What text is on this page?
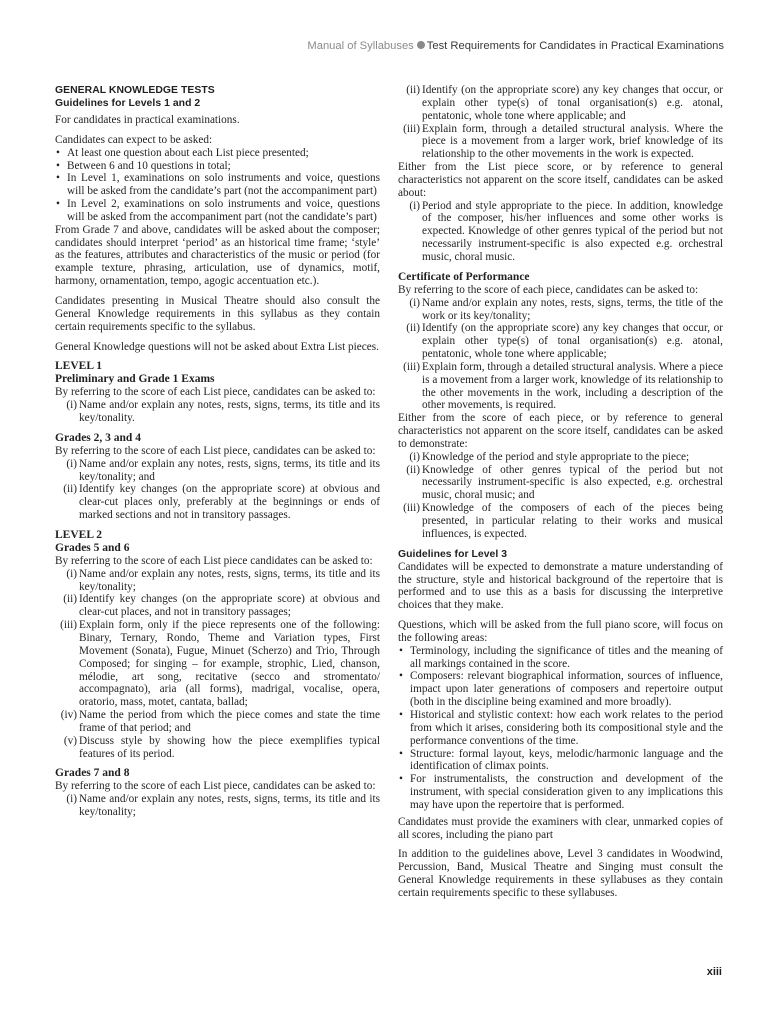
Manual of Syllabuses Test Requirements for Candidates in Practical Examinations
GENERAL KNOWLEDGE TESTS
Guidelines for Levels 1 and 2

For candidates in practical examinations.

Candidates can expect to be asked:

• At least one question about each List piece presented;
• Between 6 and 10 questions in total;
• In Level 1, examinations on solo instruments and voice, questions will be asked from the candidate’s part (not the accompaniment part)
• In Level 2, examinations on solo instruments and voice, questions will be asked from the accompaniment part (not the candidate’s part)

From Grade 7 and above, candidates will be asked about the composer; candidates should interpret ‘period’ as an historical time frame; ‘style’ as the features, attributes and characteristics of the music or period (for example texture, phrasing, articulation, use of dynamics, motif, harmony, ornamentation, tempo, agogic accentuation etc.).

Candidates presenting in Musical Theatre should also consult the General Knowledge requirements in this syllabus as they contain certain requirements specific to the syllabus.

General Knowledge questions will not be asked about Extra List pieces.

LEVEL 1
Preliminary and Grade 1 Exams

By referring to the score of each List piece, candidates can be asked to:

(i) Name and/or explain any notes, rests, signs, terms, its title and its key/tonality.
Grades 2, 3 and 4

By referring to the score of each List piece, candidates can be asked to:

(i) Name and/or explain any notes, rests, signs, terms, its title and its key/tonality; and
(ii) Identify key changes (on the appropriate score) at obvious and clear-cut places only, preferably at the beginnings or ends of marked sections and not in transitory passages.
LEVEL 2
Grades 5 and 6

By referring to the score of each List piece candidates can be asked to:

(i) Name and/or explain any notes, rests, signs, terms, its title and its key/tonality;
(ii) Identify key changes (on the appropriate score) at obvious and clear-cut places, and not in transitory passages;
(iii) Explain form, only if the piece represents one of the following: Binary, Ternary, Rondo, Theme and Variation types, First Movement (Sonata), Fugue, Minuet (Scherzo) and Trio, Through Composed; for singing – for example, strophic, Lied, chanson, mélodie, art song, recitative (secco and stromentato/ accompagnato), aria (all forms), madrigal, vocalise, opera, oratorio, mass, motet, cantata, ballad;
(iv) Name the period from which the piece comes and state the time frame of that period; and
(v) Discuss style by showing how the piece exemplifies typical features of its period.
Grades 7 and 8

By referring to the score of each List piece, candidates can be asked to:

(i) Name and/or explain any notes, rests, signs, terms, its title and its key/tonality;
(ii) Identify (on the appropriate score) any key changes that occur, or explain other type(s) of tonal organisation(s) e.g. atonal, pentatonic, whole tone where applicable; and
(iii) Explain form, through a detailed structural analysis. Where the piece is a movement from a larger work, brief knowledge of its relationship to the other movements in the work is expected.

Either from the List piece score, or by reference to general characteristics not apparent on the score itself, candidates can be asked about:

(i) Period and style appropriate to the piece. In addition, knowledge of the composer, his/her influences and some other works is expected. Knowledge of other genres typical of the period but not necessarily instrument-specific is also expected e.g. orchestral music, choral music.
Certificate of Performance

By referring to the score of each piece, candidates can be asked to:

(i) Name and/or explain any notes, rests, signs, terms, the title of the work or its key/tonality;
(ii) Identify (on the appropriate score) any key changes that occur, or explain other type(s) of tonal organisation(s) e.g. atonal, pentatonic, whole tone where applicable;
(iii) Explain form, through a detailed structural analysis. Where a piece is a movement from a larger work, knowledge of its relationship to the other movements in the work, including a description of the other movements, is required.

Either from the score of each piece, or by reference to general characteristics not apparent on the score itself, candidates can be asked to demonstrate:

(i) Knowledge of the period and style appropriate to the piece;
(ii) Knowledge of other genres typical of the period but not necessarily instrument-specific is also expected, e.g. orchestral music, choral music; and
(iii) Knowledge of the composers of each of the pieces being presented, in particular relating to their works and musical influences, is expected.
Guidelines for Level 3

Candidates will be expected to demonstrate a mature understanding of the structure, style and historical background of the repertoire that is performed and to use this as a basis for discussing the interpretive choices that they make.

Questions, which will be asked from the full piano score, will focus on the following areas:

• Terminology, including the significance of titles and the meaning of all markings contained in the score.
• Composers: relevant biographical information, sources of influence, impact upon later generations of composers and repertoire output (both in the discipline being examined and more broadly).
• Historical and stylistic context: how each work relates to the period from which it arises, considering both its compositional style and the performance conventions of the time.
• Structure: formal layout, keys, melodic/harmonic language and the identification of climax points.
• For instrumentalists, the construction and development of the instrument, with special consideration given to any implications this may have upon the repertoire that is performed.

Candidates must provide the examiners with clear, unmarked copies of all scores, including the piano part

In addition to the guidelines above, Level 3 candidates in Woodwind, Percussion, Band, Musical Theatre and Singing must consult the General Knowledge requirements in these syllabuses as they contain certain requirements specific to these syllabuses.

xiii
